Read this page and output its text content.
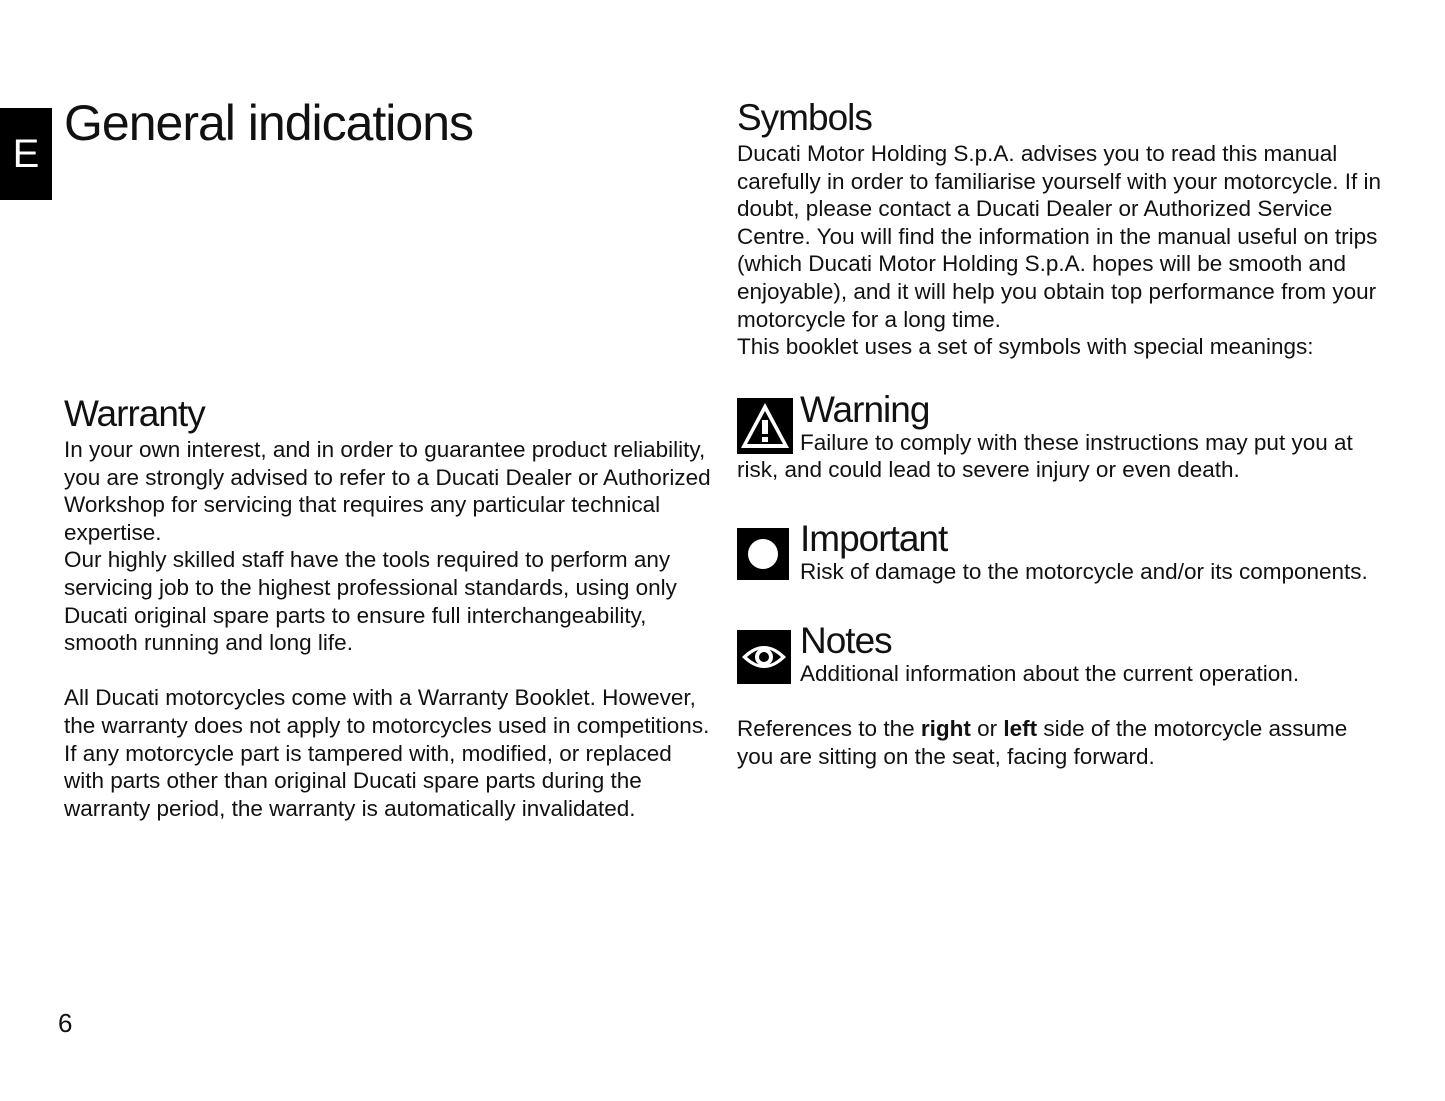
E
General indications
Warranty

In your own interest, and in order to guarantee product reliability, you are strongly advised to refer to a Ducati Dealer or Authorized Workshop for servicing that requires any particular technical expertise.

Our highly skilled staff have the tools required to perform any servicing job to the highest professional standards, using only Ducati original spare parts to ensure full interchangeability, smooth running and long life.

All Ducati motorcycles come with a Warranty Booklet. However, the warranty does not apply to motorcycles used in competitions. If any motorcycle part is tampered with, modified, or replaced with parts other than original Ducati spare parts during the warranty period, the warranty is automatically invalidated.

Symbols

Ducati Motor Holding S.p.A. advises you to read this manual carefully in order to familiarise yourself with your motorcycle. If in doubt, please contact a Ducati Dealer or Authorized Service Centre. You will find the information in the manual useful on trips (which Ducati Motor Holding S.p.A. hopes will be smooth and enjoyable), and it will help you obtain top performance from your motorcycle for a long time.

This booklet uses a set of symbols with special meanings:

Warning

Failure to comply with these instructions may put you at risk, and could lead to severe injury or even death.

Important

Risk of damage to the motorcycle and/or its components.

Notes

Additional information about the current operation.

References to the right or left side of the motorcycle assume you are sitting on the seat, facing forward.

6
